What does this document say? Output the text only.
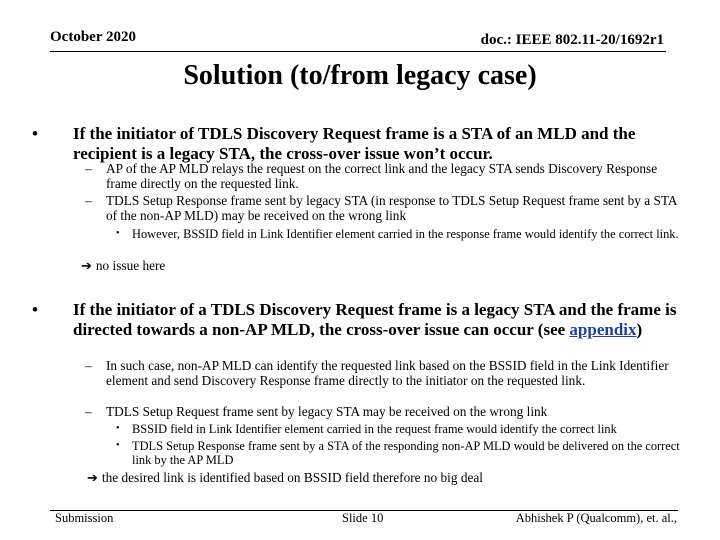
October 2020	doc.: IEEE 802.11-20/1692r1
Solution (to/from legacy case)
• If the initiator of TDLS Discovery Request frame is a STA of an MLD and the recipient is a legacy STA, the cross-over issue won’t occur.
– AP of the AP MLD relays the request on the correct link and the legacy STA sends Discovery Response frame directly on the requested link.
– TDLS Setup Response frame sent by legacy STA (in response to TDLS Setup Request frame sent by a STA of the non-AP MLD) may be received on the wrong link
• However, BSSID field in Link Identifier element carried in the response frame would identify the correct link.
➔ no issue here
• If the initiator of a TDLS Discovery Request frame is a legacy STA and the frame is directed towards a non-AP MLD, the cross-over issue can occur (see appendix)
– In such case, non-AP MLD can identify the requested link based on the BSSID field in the Link Identifier element and send Discovery Response frame directly to the initiator on the requested link.
– TDLS Setup Request frame sent by legacy STA may be received on the wrong link
• BSSID field in Link Identifier element carried in the request frame would identify the correct link
• TDLS Setup Response frame sent by a STA of the responding non-AP MLD would be delivered on the correct link by the AP MLD
➔ the desired link is identified based on BSSID field therefore no big deal
Submission	Slide 10	Abhishek P (Qualcomm), et. al.,
